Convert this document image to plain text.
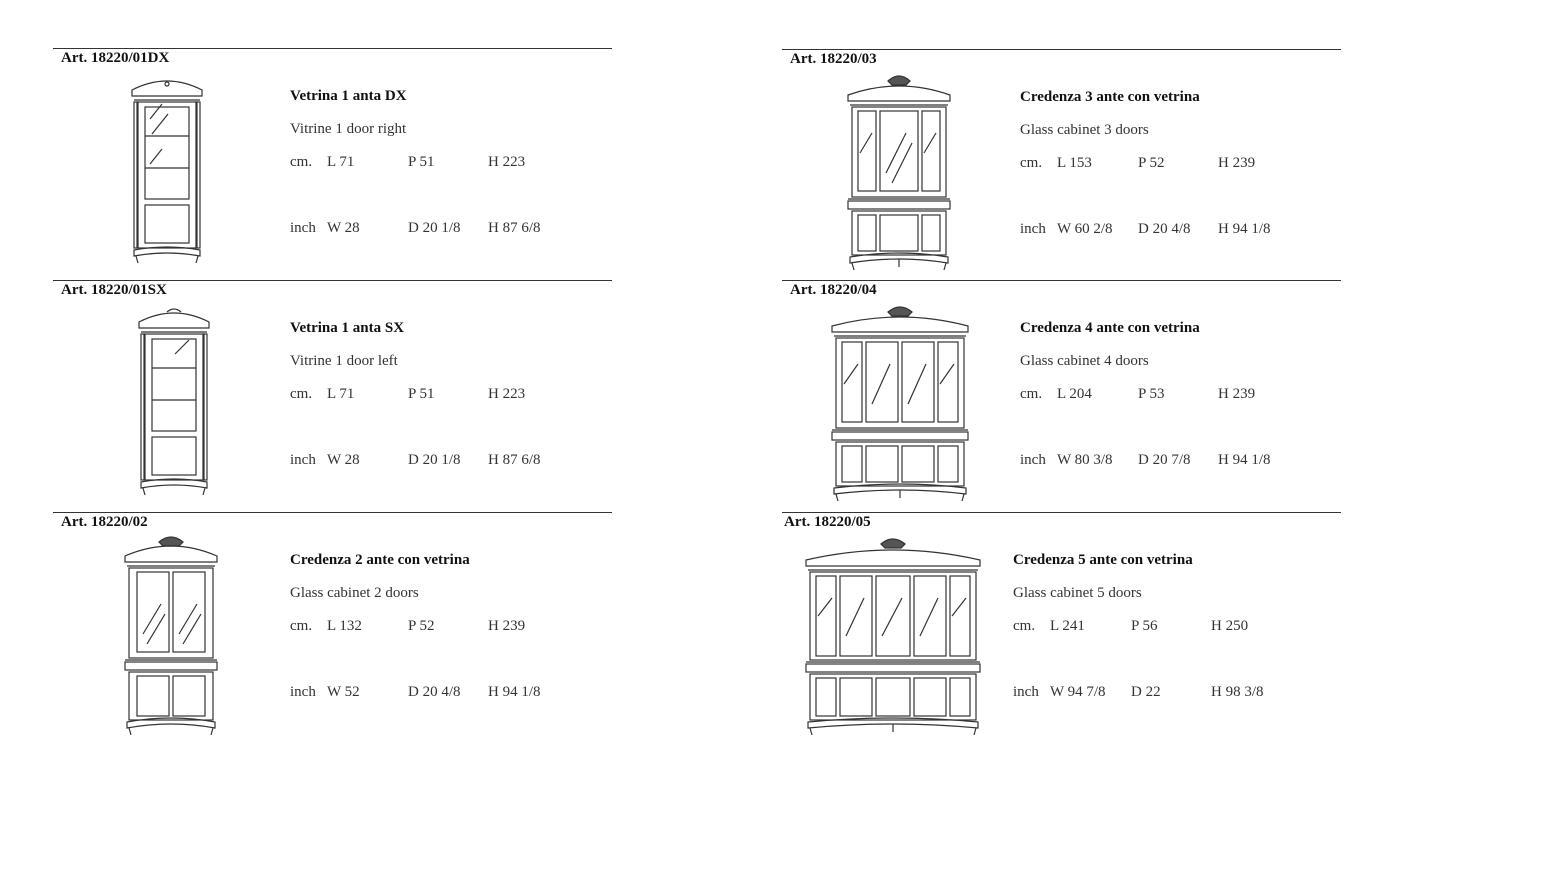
Art. 18220/01DX
Vetrina 1 anta DX
Vitrine 1 door right
cm. L 71	P 51	H 223
inch W 28	D 20 1/8 H 87 6/8
Art. 18220/01SX
Vetrina 1 anta SX
Vitrine 1 door left
cm. L 71	P 51	H 223
inch W 28	D 20 1/8 H 87 6/8
Art. 18220/02
Credenza 2 ante con vetrina
Glass cabinet 2 doors
cm. L 132	P 52	H 239
inch W 52	D 20 4/8 H 94 1/8
Art. 18220/03
Credenza 3 ante con vetrina
Glass cabinet 3 doors
cm. L 153	P 52	H 239
inch W 60 2/8 D 20 4/8 H 94 1/8
Art. 18220/04
Credenza 4 ante con vetrina
Glass cabinet 4 doors
cm. L 204	P 53	H 239
inch W 80 3/8 D 20 7/8 H 94 1/8
Art. 18220/05
Credenza 5 ante con vetrina
Glass cabinet 5 doors
cm. L 241	P 56	H 250
inch W 94 7/8 D 22	H 98 3/8
